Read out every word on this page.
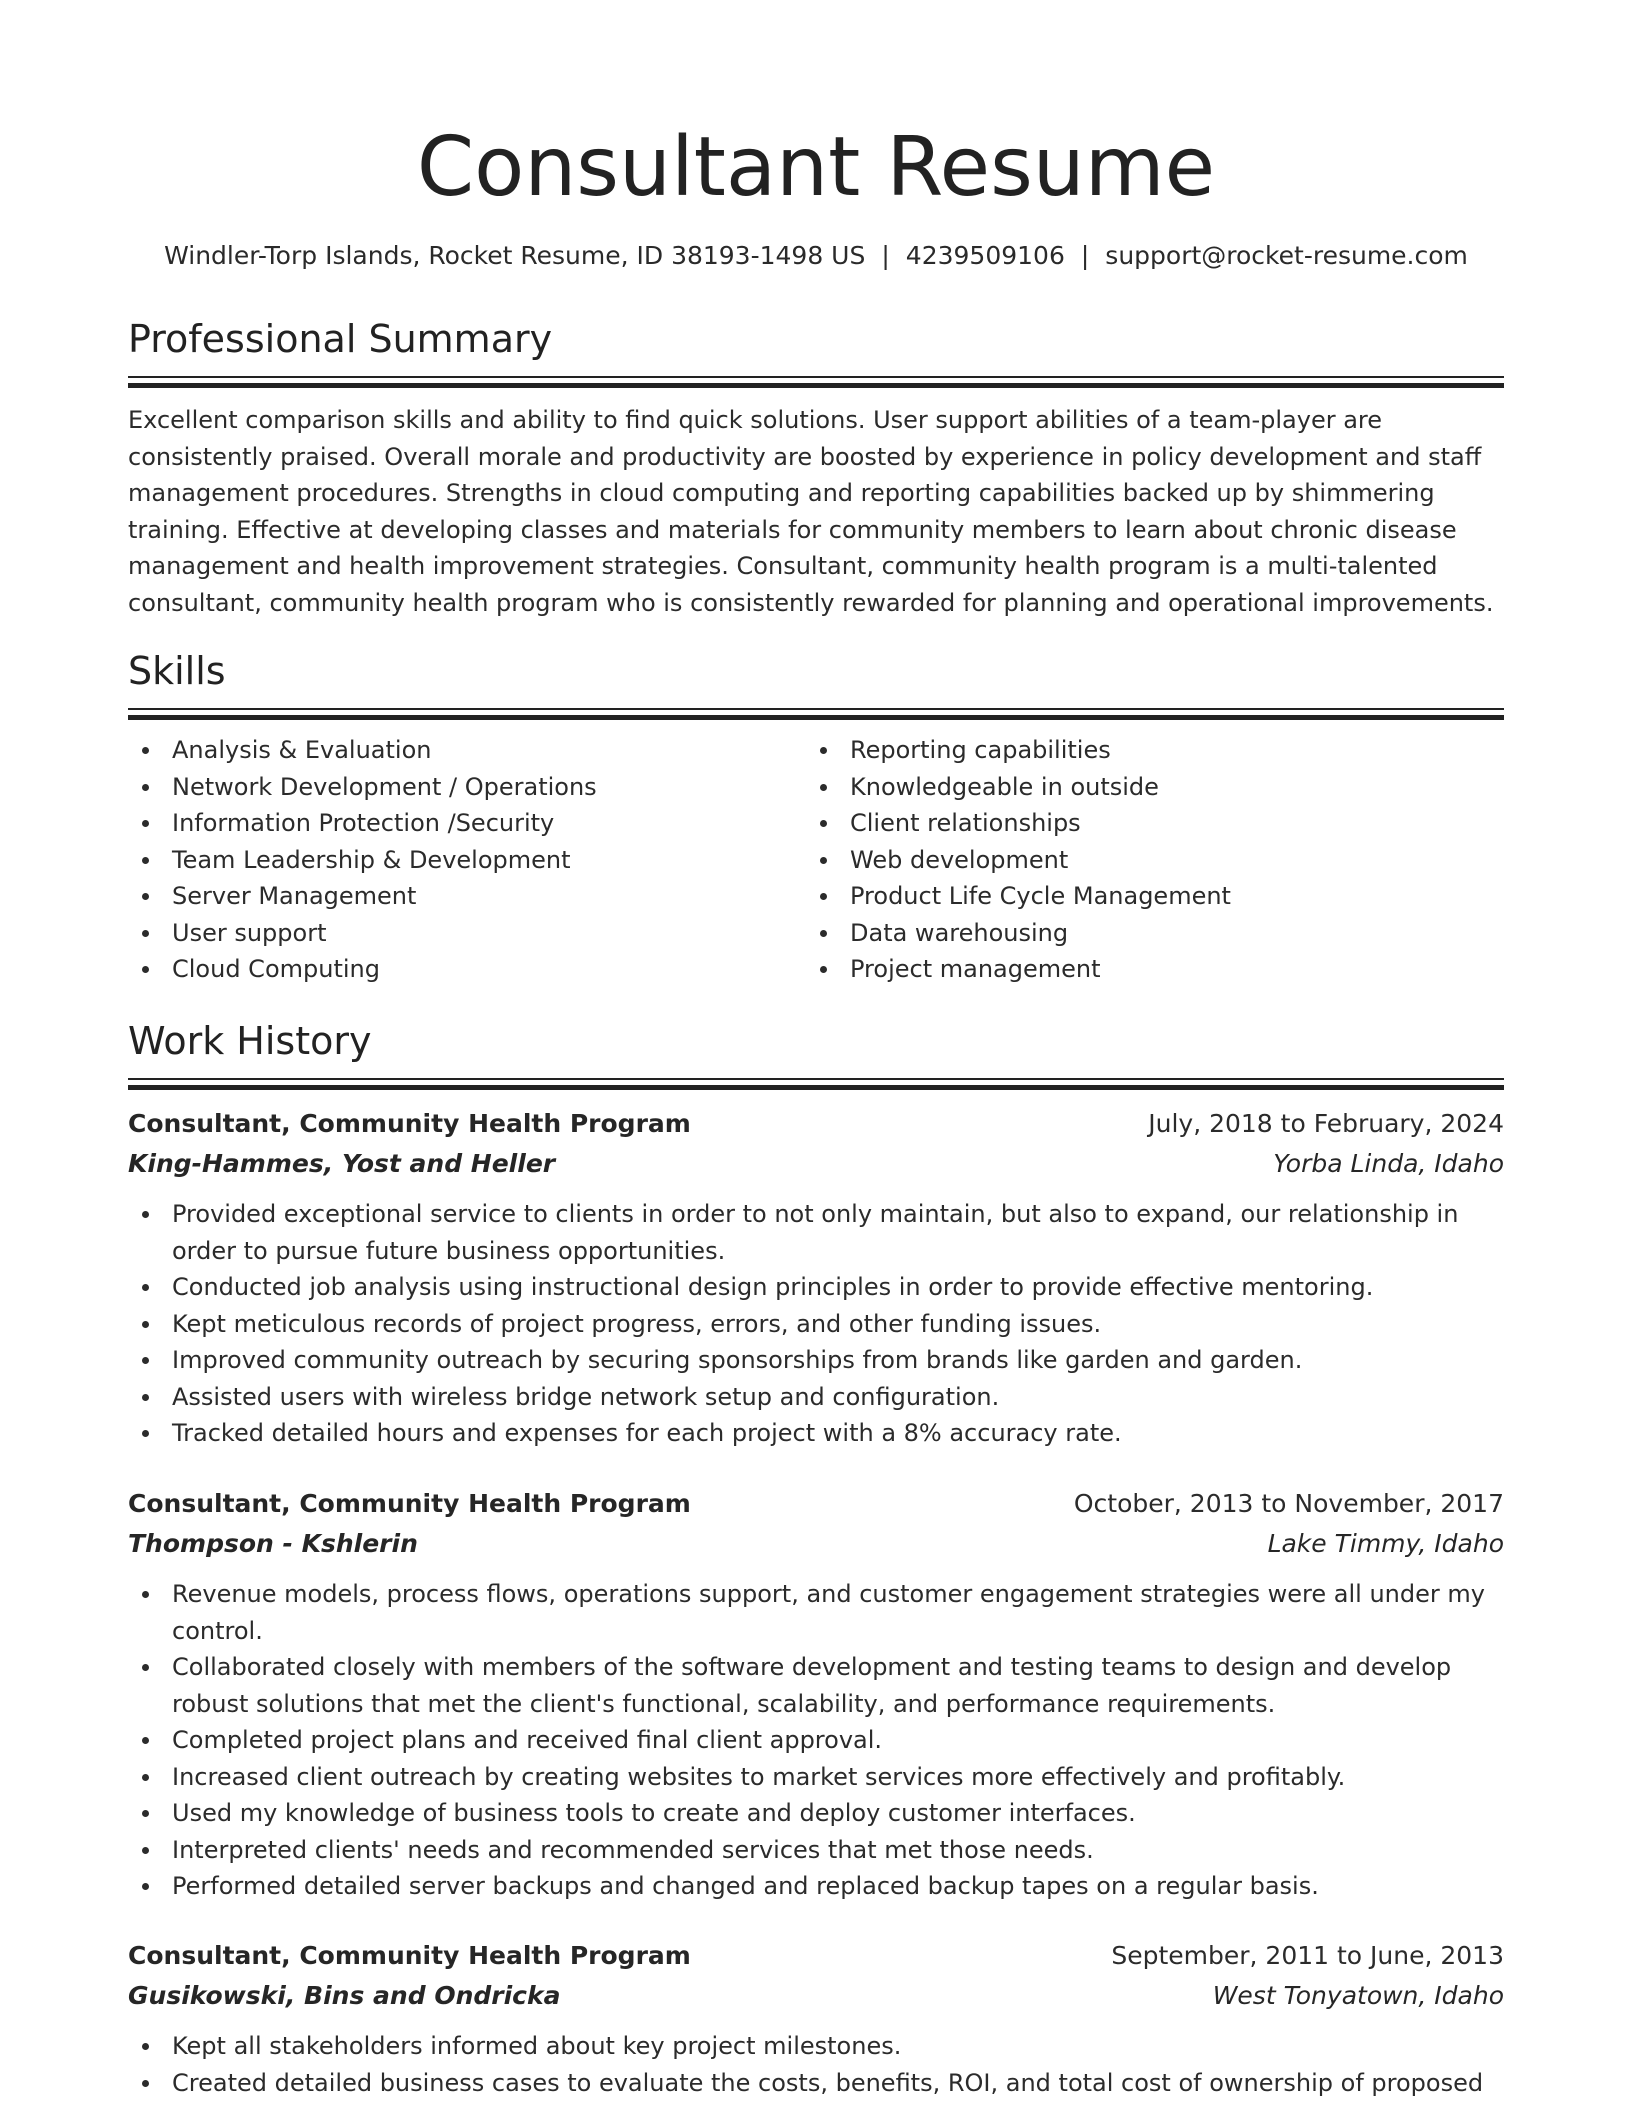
Consultant Resume
Windler-Torp Islands, Rocket Resume, ID 38193-1498 US | 4239509106 | support@rocket-resume.com
Professional Summary

Excellent comparison skills and ability to find quick solutions. User support abilities of a team-player are consistently praised. Overall morale and productivity are boosted by experience in policy development and staff management procedures. Strengths in cloud computing and reporting capabilities backed up by shimmering training. Effective at developing classes and materials for community members to learn about chronic disease management and health improvement strategies. Consultant, community health program is a multi-talented consultant, community health program who is consistently rewarded for planning and operational improvements.

Skills
Analysis & Evaluation
Network Development / Operations
Information Protection /Security
Team Leadership & Development
Server Management
User support
Cloud Computing
Reporting capabilities
Knowledgeable in outside
Client relationships
Web development
Product Life Cycle Management
Data warehousing
Project management
Work History
Consultant, Community Health Program	July, 2018 to February, 2024
King-Hammes, Yost and Heller	Yorba Linda, Idaho
Provided exceptional service to clients in order to not only maintain, but also to expand, our relationship in order to pursue future business opportunities.
Conducted job analysis using instructional design principles in order to provide effective mentoring.
Kept meticulous records of project progress, errors, and other funding issues.
Improved community outreach by securing sponsorships from brands like garden and garden.
Assisted users with wireless bridge network setup and configuration.
Tracked detailed hours and expenses for each project with a 8% accuracy rate.
Consultant, Community Health Program	October, 2013 to November, 2017
Thompson - Kshlerin	Lake Timmy, Idaho
Revenue models, process flows, operations support, and customer engagement strategies were all under my control.
Collaborated closely with members of the software development and testing teams to design and develop robust solutions that met the client's functional, scalability, and performance requirements.
Completed project plans and received final client approval.
Increased client outreach by creating websites to market services more effectively and profitably.
Used my knowledge of business tools to create and deploy customer interfaces.
Interpreted clients' needs and recommended services that met those needs.
Performed detailed server backups and changed and replaced backup tapes on a regular basis.
Consultant, Community Health Program	September, 2011 to June, 2013
Gusikowski, Bins and Ondricka	West Tonyatown, Idaho
Kept all stakeholders informed about key project milestones.
Created detailed business cases to evaluate the costs, benefits, ROI, and total cost of ownership of proposed
